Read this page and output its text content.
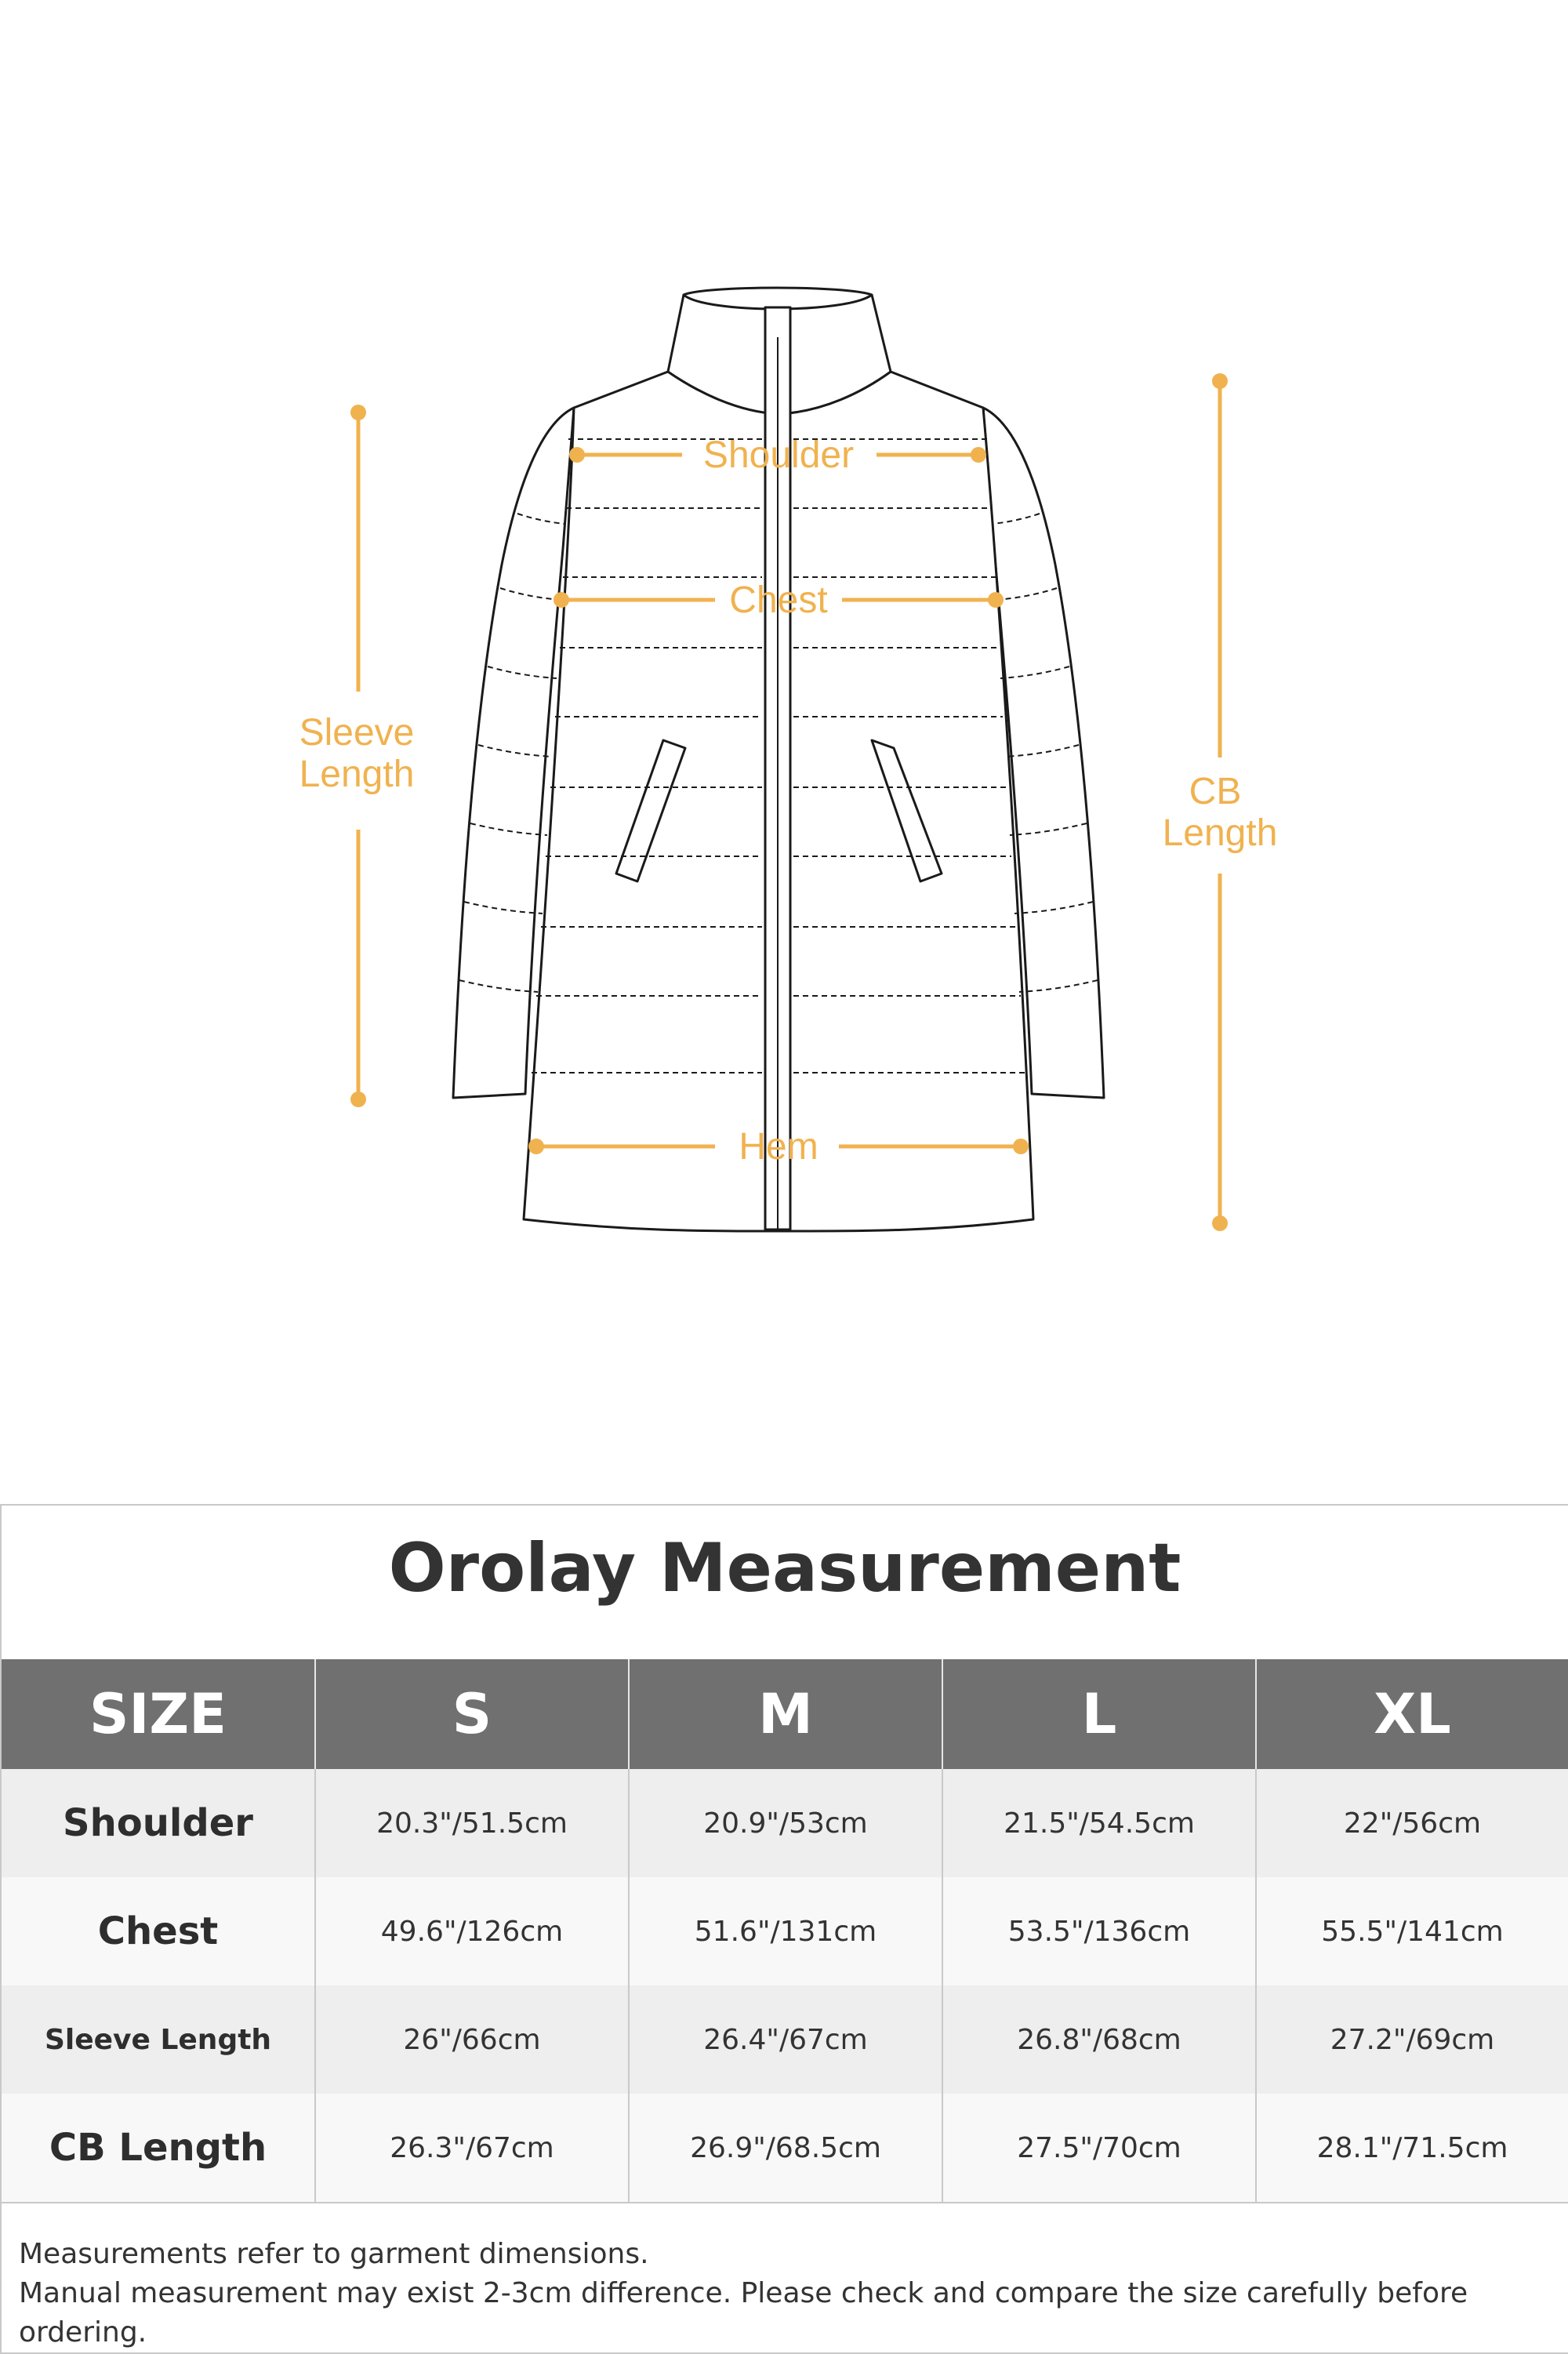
Shoulder
Chest
Hem
Sleeve
Length	CB
Length
Orolay Measurement
SIZE	S	M	L	XL
Shoulder	20.3"/51.5cm	20.9"/53cm	21.5"/54.5cm	22"/56cm
Chest	49.6"/126cm	51.6"/131cm	53.5"/136cm	55.5"/141cm
Sleeve Length	26"/66cm	26.4"/67cm	26.8"/68cm	27.2"/69cm
CB Length	26.3"/67cm	26.9"/68.5cm	27.5"/70cm	28.1"/71.5cm
Measurements refer to garment dimensions.
Manual measurement may exist 2-3cm difference. Please check and compare the size carefully before ordering.
